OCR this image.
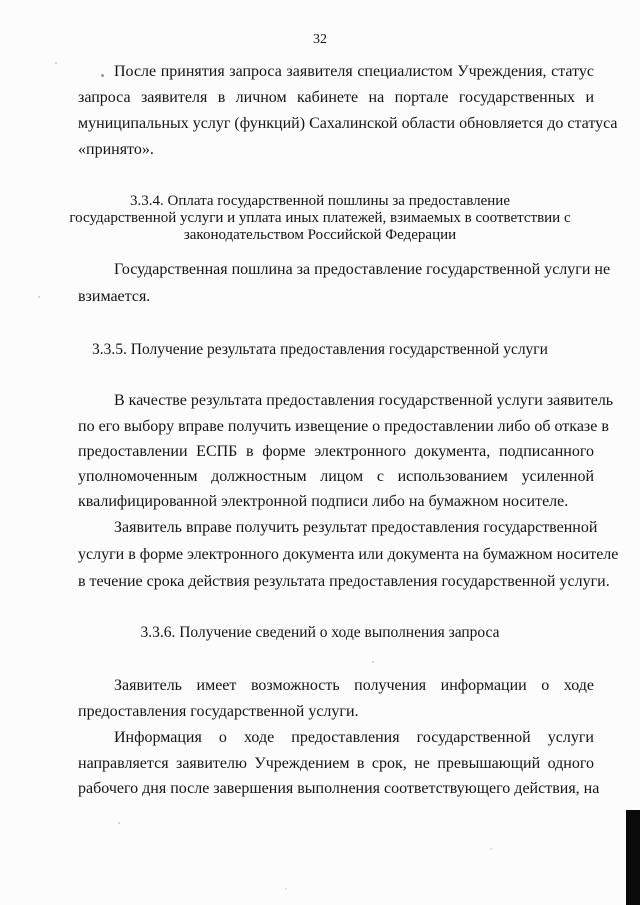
32
После принятия запроса заявителя специалистом Учреждения, статус
запроса заявителя в личном кабинете на портале государственных и
муниципальных услуг (функций) Сахалинской области обновляется до статуса
«принято».
3.3.4. Оплата государственной пошлины за предоставление
государственной услуги и уплата иных платежей, взимаемых в соответствии с
законодательством Российской Федерации
Государственная пошлина за предоставление государственной услуги не
взимается.
3.3.5. Получение результата предоставления государственной услуги
В качестве результата предоставления государственной услуги заявитель
по его выбору вправе получить извещение о предоставлении либо об отказе в
предоставлении ЕСПБ в форме электронного документа, подписанного
уполномоченным должностным лицом с использованием усиленной
квалифицированной электронной подписи либо на бумажном носителе.
Заявитель вправе получить результат предоставления государственной
услуги в форме электронного документа или документа на бумажном носителе
в течение срока действия результата предоставления государственной услуги.
3.3.6. Получение сведений о ходе выполнения запроса
Заявитель имеет возможность получения информации о ходе
предоставления государственной услуги.
Информация о ходе предоставления государственной услуги
направляется заявителю Учреждением в срок, не превышающий одного
рабочего дня после завершения выполнения соответствующего действия, на
